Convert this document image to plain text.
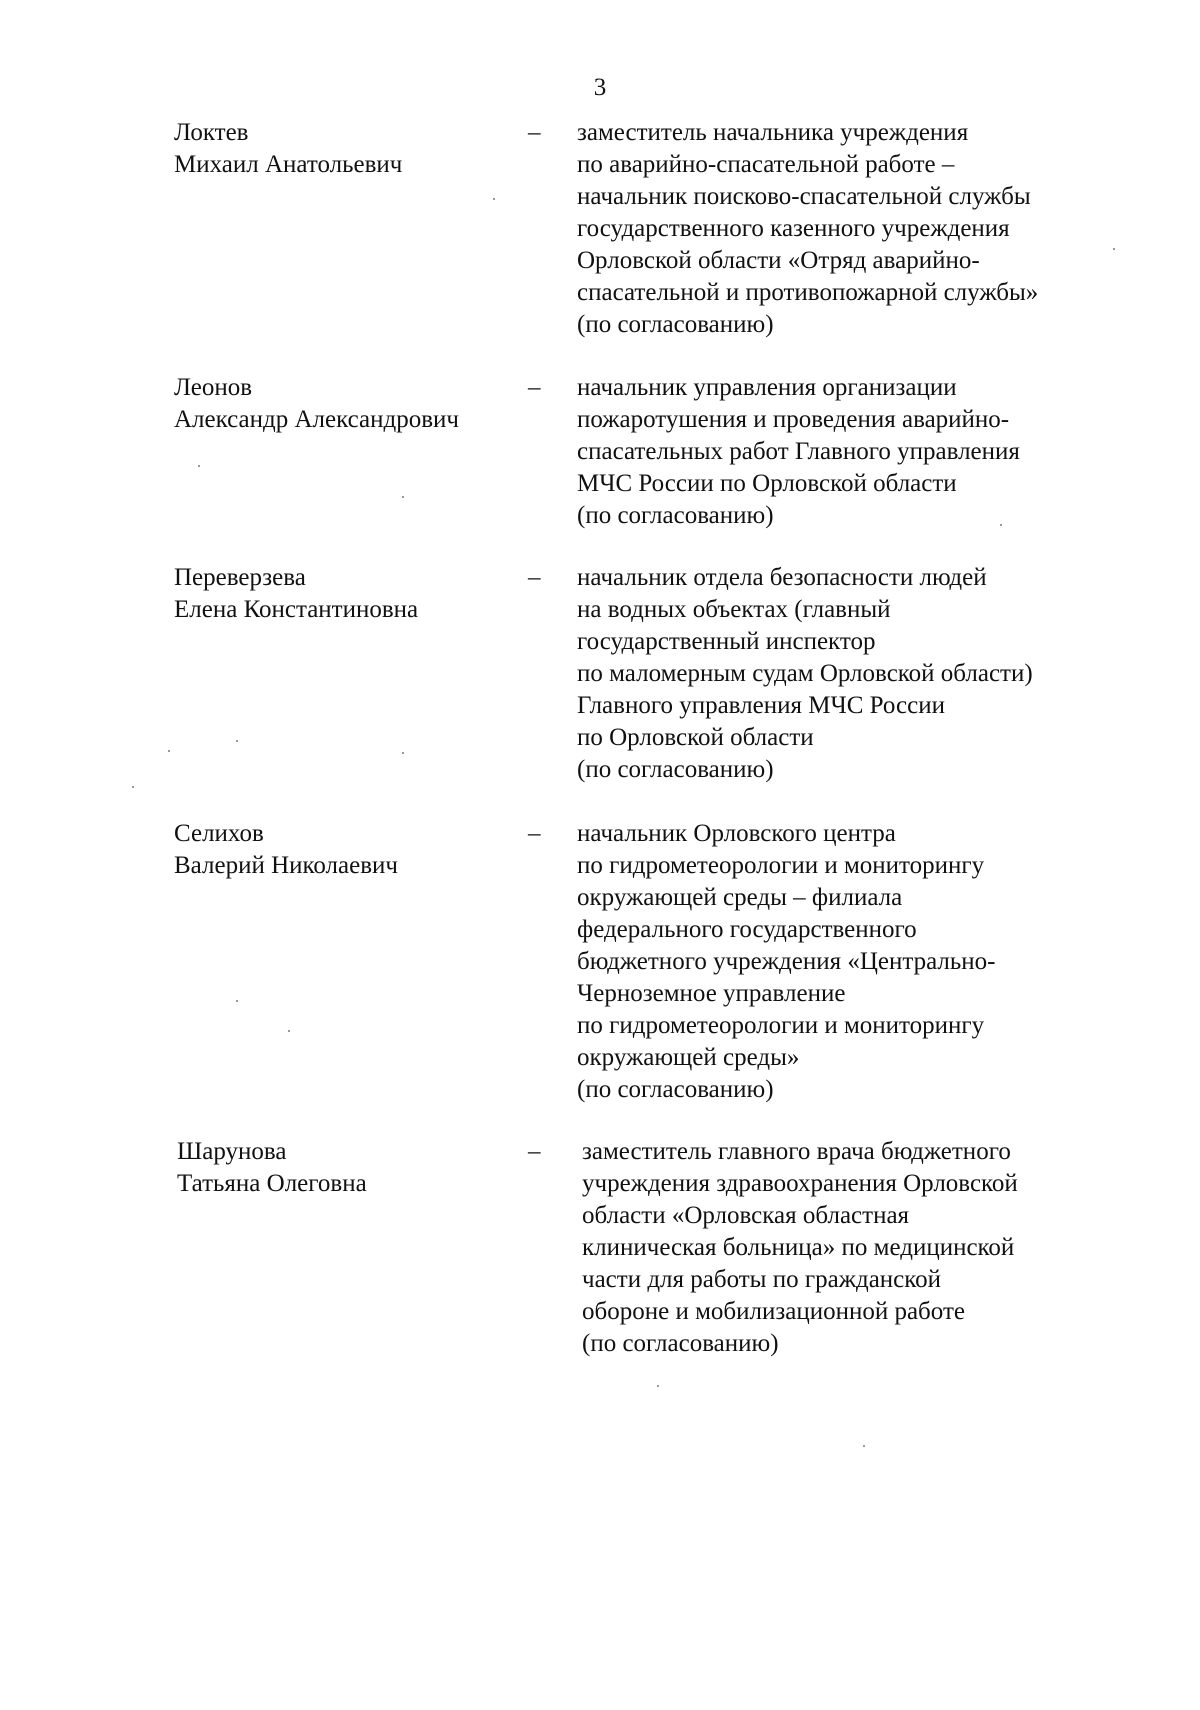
3
Локтев
Михаил Анатольевич
–	заместитель начальника учреждения
по аварийно-спасательной работе –
начальник поисково-спасательной службы
государственного казенного учреждения
Орловской области «Отряд аварийно-
спасательной и противопожарной службы»
(по согласованию)
Леонов
Александр Александрович
–	начальник управления организации
пожаротушения и проведения аварийно-
спасательных работ Главного управления
МЧС России по Орловской области
(по согласованию)
Переверзева
Елена Константиновна
–	начальник отдела безопасности людей
на водных объектах (главный
государственный инспектор
по маломерным судам Орловской области)
Главного управления МЧС России
по Орловской области
(по согласованию)
Селихов
Валерий Николаевич
–	начальник Орловского центра
по гидрометеорологии и мониторингу
окружающей среды – филиала
федерального государственного
бюджетного учреждения «Центрально-
Черноземное управление
по гидрометеорологии и мониторингу
окружающей среды»
(по согласованию)
Шарунова
Татьяна Олеговна
–	заместитель главного врача бюджетного
учреждения здравоохранения Орловской
области «Орловская областная
клиническая больница» по медицинской
части для работы по гражданской
обороне и мобилизационной работе
(по согласованию)
